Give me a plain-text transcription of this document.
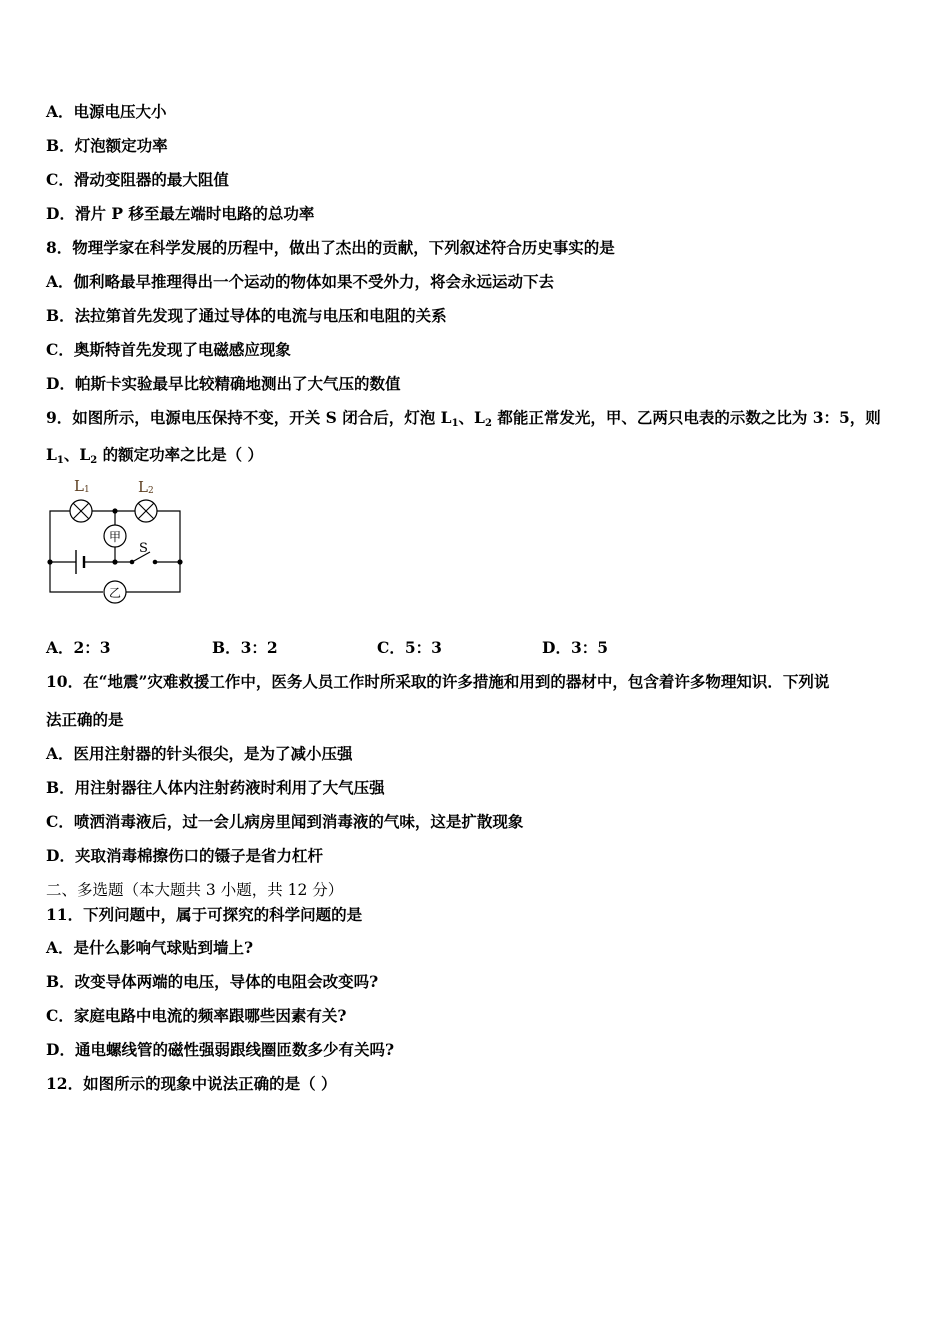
A．电源电压大小
B．灯泡额定功率
C．滑动变阻器的最大阻值
D．滑片 P 移至最左端时电路的总功率
8．物理学家在科学发展的历程中，做出了杰出的贡献，下列叙述符合历史事实的是
A．伽利略最早推理得出一个运动的物体如果不受外力，将会永远运动下去
B．法拉第首先发现了通过导体的电流与电压和电阻的关系
C．奥斯特首先发现了电磁感应现象
D．帕斯卡实验最早比较精确地测出了大气压的数值
9．如图所示，电源电压保持不变，开关 S 闭合后，灯泡 $L_1$、$L_2$ 都能正常发光，甲、乙两只电表的示数之比为 3：5，则
$L_1$、$L_2$ 的额定功率之比是（ ）
甲
乙
L1	L2
S
A．2：3	B．3：2	C．5：3	D．3：5
10．在“地震”灾难救援工作中，医务人员工作时所采取的许多措施和用到的器材中，包含着许多物理知识．下列说
法正确的是
A．医用注射器的针头很尖，是为了减小压强
B．用注射器往人体内注射药液时利用了大气压强
C．喷洒消毒液后，过一会儿病房里闻到消毒液的气味，这是扩散现象
D．夹取消毒棉擦伤口的镊子是省力杠杆
二、多选题（本大题共 3 小题，共 12 分）
11．下列问题中，属于可探究的科学问题的是
A．是什么影响气球贴到墙上?
B．改变导体两端的电压，导体的电阻会改变吗?
C．家庭电路中电流的频率跟哪些因素有关?
D．通电螺线管的磁性强弱跟线圈匝数多少有关吗?
12．如图所示的现象中说法正确的是（ ）
